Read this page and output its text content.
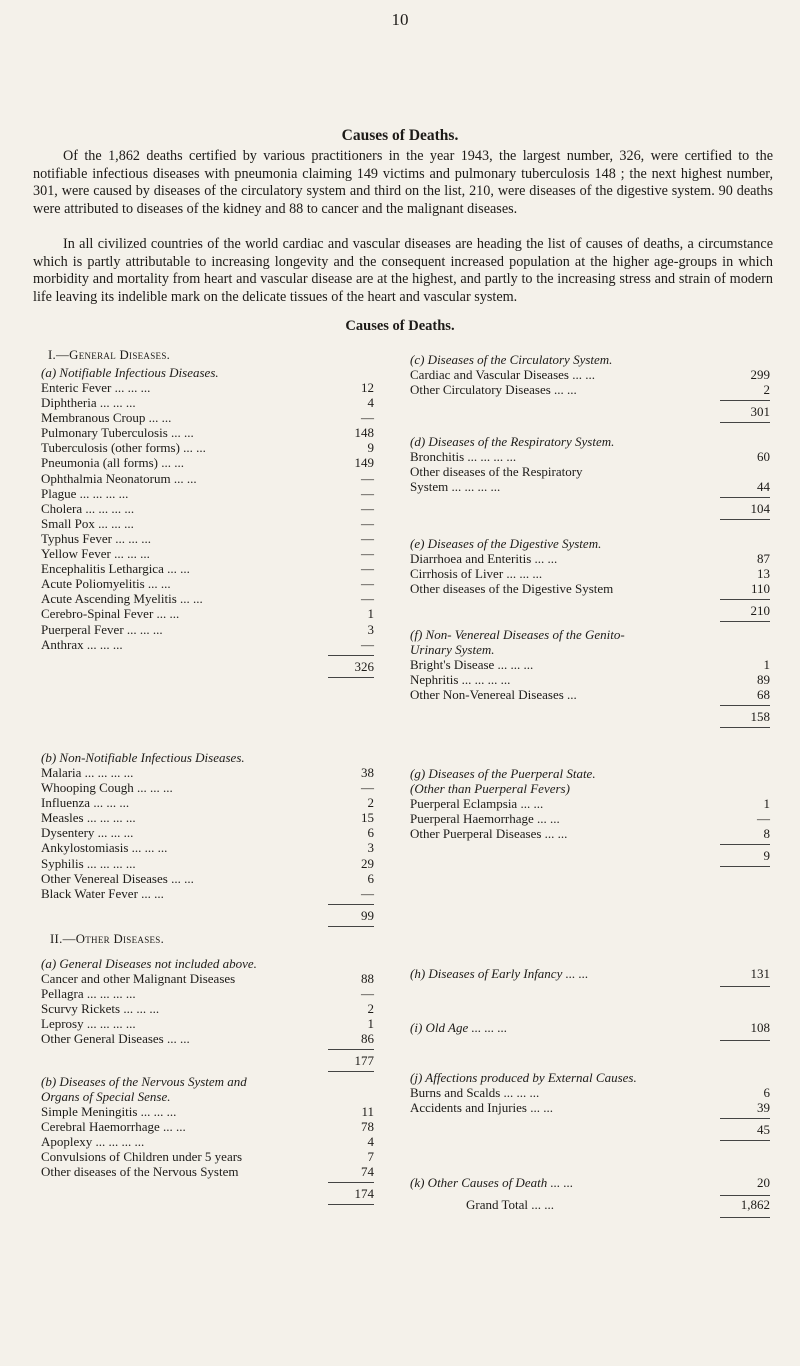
10
Causes of Deaths.

Of the 1,862 deaths certified by various practitioners in the year 1943, the largest number, 326, were certified to the notifiable infectious diseases with pneumonia claiming 149 victims and pulmonary tuberculosis 148 ; the next highest number, 301, were caused by diseases of the circulatory system and third on the list, 210, were diseases of the digestive system. 90 deaths were attributed to diseases of the kidney and 88 to cancer and the malignant diseases.

In all civilized countries of the world cardiac and vascular diseases are heading the list of causes of deaths, a circumstance which is partly attributable to increasing longevity and the consequent increased population at the higher age-groups in which morbidity and mortality from heart and vascular disease are at the highest, and partly to the increasing stress and strain of modern life leaving its indelible mark on the delicate tissues of the heart and vascular system.

Causes of Deaths.
I.—General Diseases.
(a) Notifiable Infectious Diseases.
Enteric Fever ... ... ...	12
Diphtheria ... ... ...	4
Membranous Croup ... ...	—
Pulmonary Tuberculosis ... ...	148
Tuberculosis (other forms) ... ...	9
Pneumonia (all forms) ... ...	149
Ophthalmia Neonatorum ... ...	—
Plague ... ... ... ...	—
Cholera ... ... ... ...	—
Small Pox ... ... ...	—
Typhus Fever ... ... ...	—
Yellow Fever ... ... ...	—
Encephalitis Lethargica ... ...	—
Acute Poliomyelitis ... ...	—
Acute Ascending Myelitis ... ...	—
Cerebro-Spinal Fever ... ...	1
Puerperal Fever ... ... ...	3
Anthrax ... ... ...	—
326
(b) Non-Notifiable Infectious Diseases.
Malaria ... ... ... ...	38
Whooping Cough ... ... ...	—
Influenza ... ... ...	2
Measles ... ... ... ...	15
Dysentery ... ... ...	6
Ankylostomiasis ... ... ...	3
Syphilis ... ... ... ...	29
Other Venereal Diseases ... ...	6
Black Water Fever ... ...	—
99
II.—Other Diseases.
(a) General Diseases not included above.
Cancer and other Malignant Diseases	88
Pellagra ... ... ... ...	—
Scurvy Rickets ... ... ...	2
Leprosy ... ... ... ...	1
Other General Diseases ... ...	86
177
(b) Diseases of the Nervous System and
Organs of Special Sense.
Simple Meningitis ... ... ...	11
Cerebral Haemorrhage ... ...	78
Apoplexy ... ... ... ...	4
Convulsions of Children under 5 years	7
Other diseases of the Nervous System	74
174
(c) Diseases of the Circulatory System.
Cardiac and Vascular Diseases ... ...	299
Other Circulatory Diseases ... ...	2
301
(d) Diseases of the Respiratory System.
Bronchitis ... ... ... ...	60
Other diseases of the Respiratory
System ... ... ... ...	44
104
(e) Diseases of the Digestive System.
Diarrhoea and Enteritis ... ...	87
Cirrhosis of Liver ... ... ...	13
Other diseases of the Digestive System	110
210
(f) Non- Venereal Diseases of the Genito-
Urinary System.
Bright's Disease ... ... ...	1
Nephritis ... ... ... ...	89
Other Non-Venereal Diseases ...	68
158
(g) Diseases of the Puerperal State.
(Other than Puerperal Fevers)
Puerperal Eclampsia ... ...	1
Puerperal Haemorrhage ... ...	—
Other Puerperal Diseases ... ...	8
9
(h) Diseases of Early Infancy ... ...	131
(i) Old Age ... ... ...	108
(j) Affections produced by External Causes.
Burns and Scalds ... ... ...	6
Accidents and Injuries ... ...	39
45
(k) Other Causes of Death ... ...	20
Grand Total ... ...	1,862
